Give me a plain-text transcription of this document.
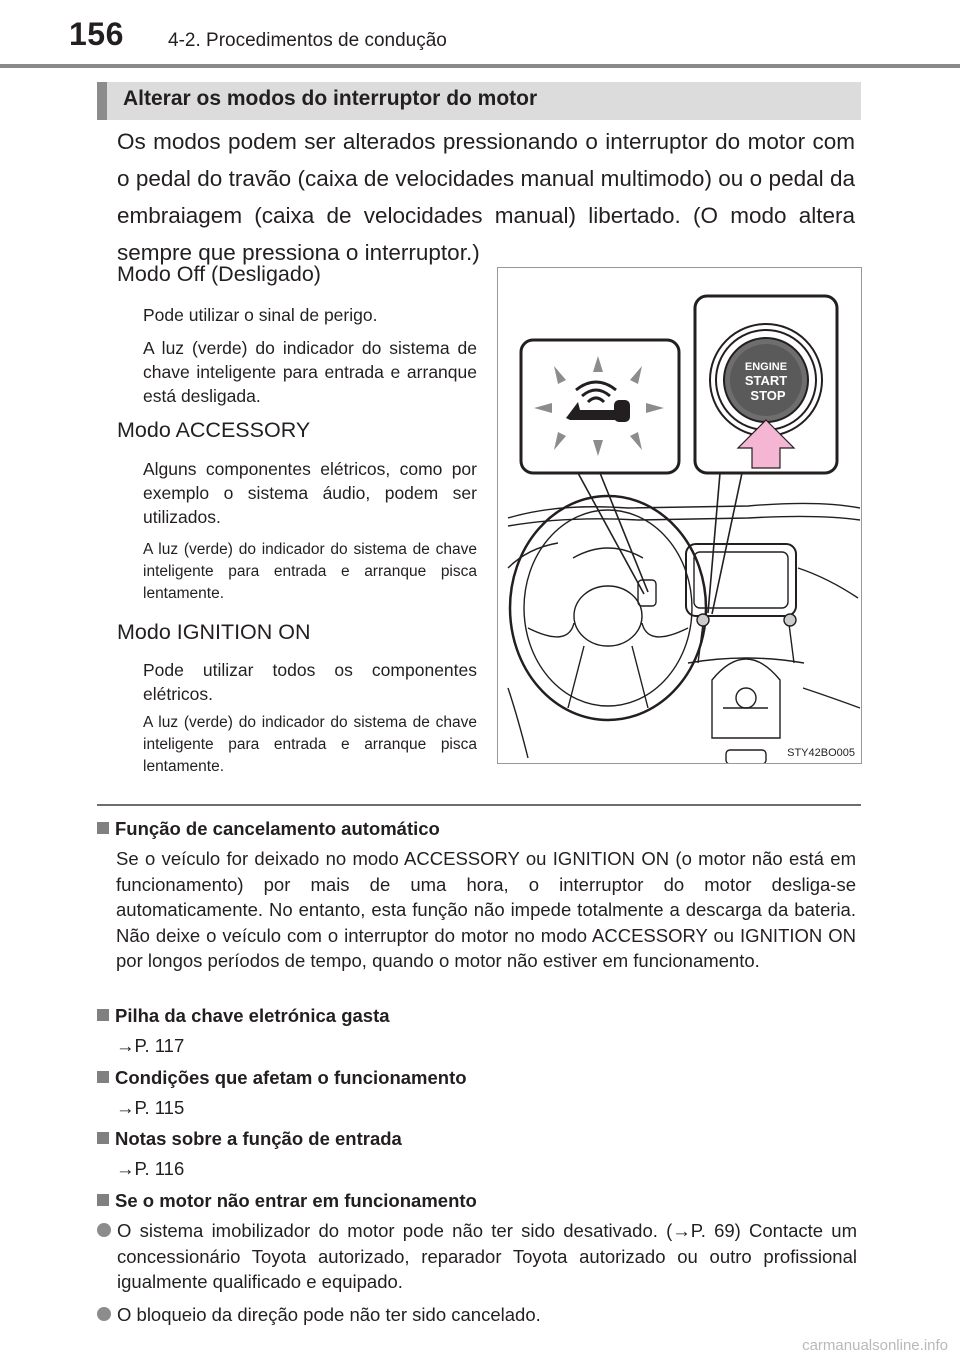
156 4-2. Procedimentos de condução
Alterar os modos do interruptor do motor
Os modos podem ser alterados pressionando o interruptor do motor com o pedal do travão (caixa de velocidades manual multimodo) ou o pedal da embraiagem (caixa de velocidades manual) libertado. (O modo altera sempre que pressiona o interruptor.)
Modo Off (Desligado)
Pode utilizar o sinal de perigo.
A luz (verde) do indicador do sistema de chave inteligente para entrada e arranque está desligada.
Modo ACCESSORY
Alguns componentes elétricos, como por exemplo o sistema áudio, podem ser utilizados.
A luz (verde) do indicador do sistema de chave inteligente para entrada e arranque pisca lentamente.
Modo IGNITION ON
Pode utilizar todos os componentes elétricos.
A luz (verde) do indicador do sistema de chave inteligente para entrada e arranque pisca lentamente.
ENGINE
START
STOP
STY42BO005
Função de cancelamento automático
Se o veículo for deixado no modo ACCESSORY ou IGNITION ON (o motor não está em funcionamento) por mais de uma hora, o interruptor do motor desliga-se automaticamente. No entanto, esta função não impede totalmente a descarga da bateria. Não deixe o veículo com o interruptor do motor no modo ACCESSORY ou IGNITION ON por longos períodos de tempo, quando o motor não estiver em funcionamento.
Pilha da chave eletrónica gasta
→P. 117
Condições que afetam o funcionamento
→P. 115
Notas sobre a função de entrada
→P. 116
Se o motor não entrar em funcionamento
O sistema imobilizador do motor pode não ter sido desativado. (→P. 69) Contacte um concessionário Toyota autorizado, reparador Toyota autorizado ou outro profissional igualmente qualificado e equipado.
O bloqueio da direção pode não ter sido cancelado.
carmanualsonline.info
